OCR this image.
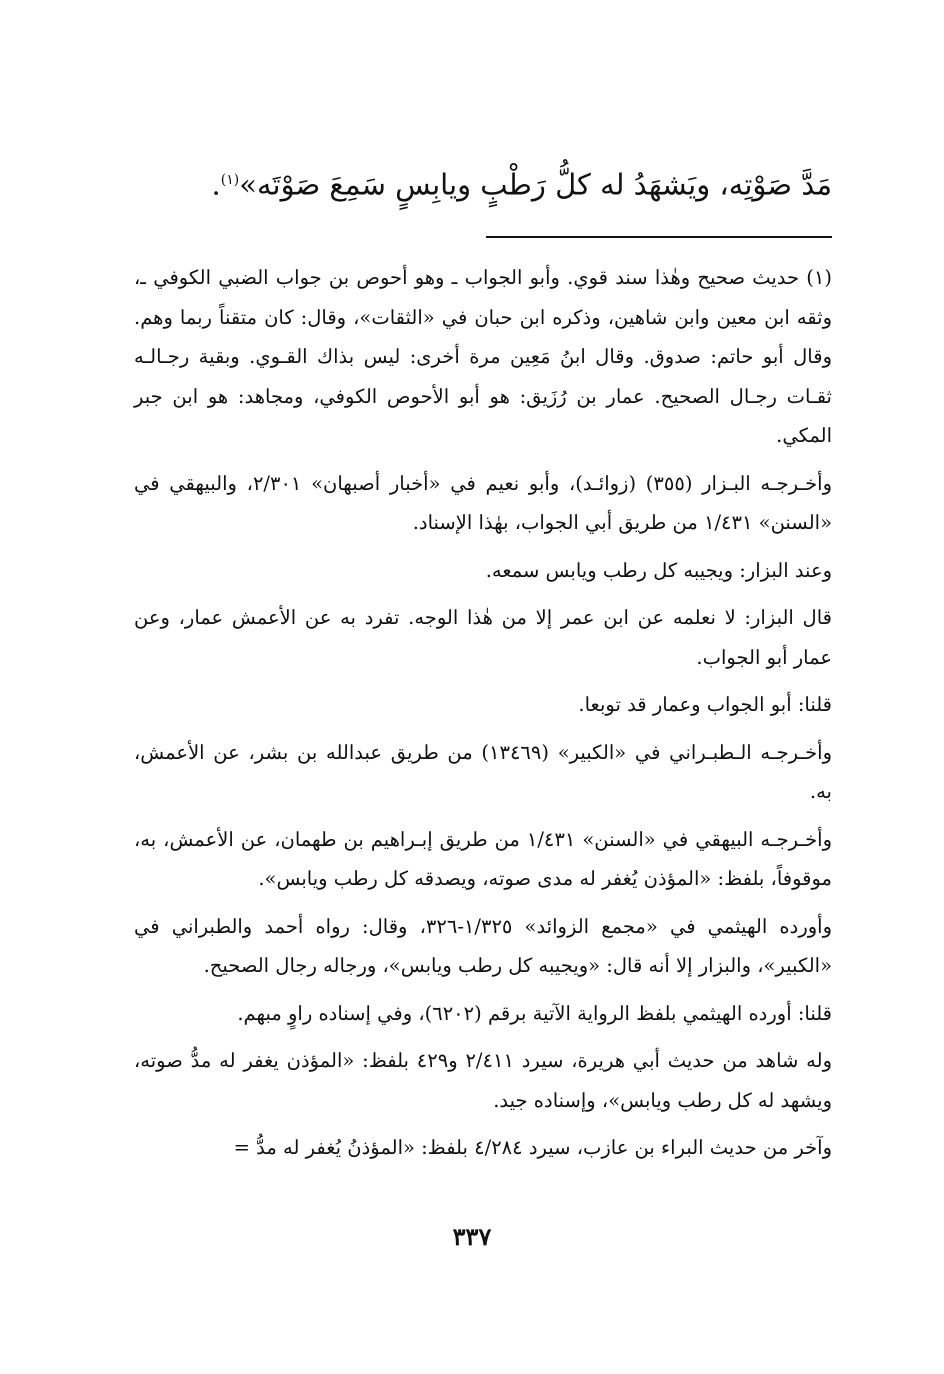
مَدَّ صَوْتِه، ويَشهَدُ له كلُّ رَطْبٍ ويابِسٍ سَمِعَ صَوْتَه»$^{(١)}$.

(١) حديث صحيح وهٰذا سند قوي. وأبو الجواب ـ وهو أحوص بن جواب الضبي الكوفي ـ، وثقه ابن معين وابن شاهين، وذكره ابن حبان في «الثقات»، وقال: كان متقناً ربما وهم. وقال أبو حاتم: صدوق. وقال ابنُ مَعِين مرة أخرى: ليس بذاك القـوي. وبقية رجـالـه ثقـات رجـال الصحيح. عمار بن رُزَيق: هو أبو الأحوص الكوفي، ومجاهد: هو ابن جبر المكي.

وأخـرجـه البـزار (٣٥٥) (زوائـد)، وأبو نعيم في «أخبار أصبهان» ٢/٣٠١، والبيهقي في «السنن» ١/٤٣١ من طريق أبي الجواب، بهٰذا الإسناد.

وعند البزار: ويجيبه كل رطب ويابس سمعه.

قال البزار: لا نعلمه عن ابن عمر إلا من هٰذا الوجه. تفرد به عن الأعمش عمار، وعن عمار أبو الجواب.

قلنا: أبو الجواب وعمار قد توبعا.

وأخـرجـه الـطبـراني في «الكبير» (١٣٤٦٩) من طريق عبدالله بن بشر، عن الأعمش، به.

وأخـرجـه البيهقي في «السنن» ١/٤٣١ من طريق إبـراهيم بن طهمان، عن الأعمش، به، موقوفاً، بلفظ: «المؤذن يُغفر له مدى صوته، ويصدقه كل رطب ويابس».

وأورده الهيثمي في «مجمع الزوائد» ١/٣٢٥-٣٢٦، وقال: رواه أحمد والطبراني في «الكبير»، والبزار إلا أنه قال: «ويجيبه كل رطب ويابس»، ورجاله رجال الصحيح.

قلنا: أورده الهيثمي بلفظ الرواية الآتية برقم (٦٢٠٢)، وفي إسناده راوٍ مبهم.

وله شاهد من حديث أبي هريرة، سيرد ٢/٤١١ و٤٢٩ بلفظ: «المؤذن يغفر له مدُّ صوته، ويشهد له كل رطب ويابس»، وإسناده جيد.

وآخر من حديث البراء بن عازب، سيرد ٤/٢٨٤ بلفظ: «المؤذنُ يُغفر له مدُّ =

٣٣٧
